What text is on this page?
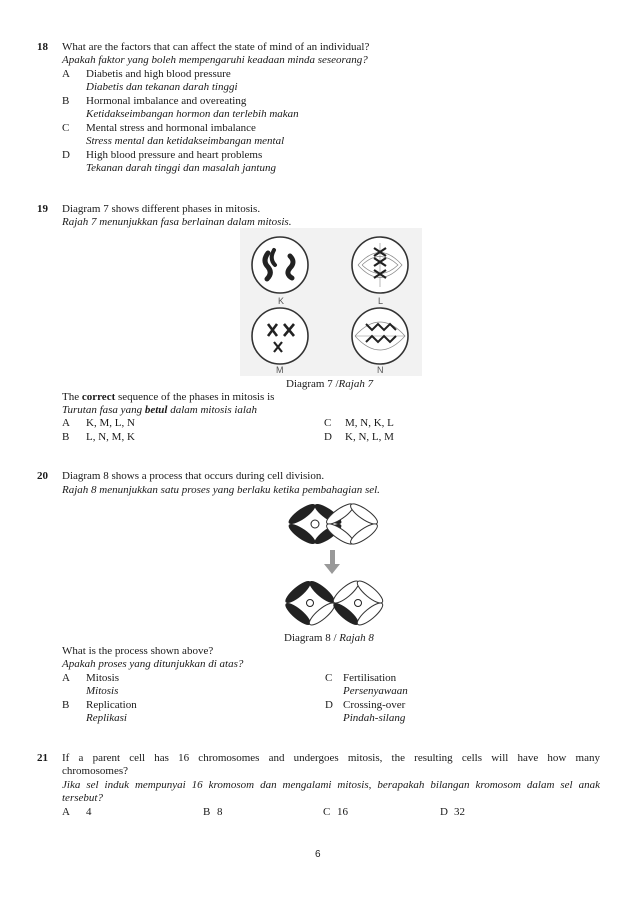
18 What are the factors that can affect the state of mind of an individual?
Apakah faktor yang boleh mempengaruhi keadaan minda seseorang?
A Diabetis and high blood pressure
Diabetis dan tekanan darah tinggi
B Hormonal imbalance and overeating
Ketidakseimbangan hormon dan terlebih makan
C Mental stress and hormonal imbalance
Stress mental dan ketidakseimbangan mental
D High blood pressure and heart problems
Tekanan darah tinggi dan masalah jantung
19 Diagram 7 shows different phases in mitosis.
Rajah 7 menunjukkan fasa berlainan dalam mitosis.
K	L
M	N
Diagram 7 /Rajah 7
The correct sequence of the phases in mitosis is
Turutan fasa yang betul dalam mitosis ialah
A K, M, L, N
B L, N, M, K
C M, N, K, L
D K, N, L, M
20 Diagram 8 shows a process that occurs during cell division.
Rajah 8 menunjukkan satu proses yang berlaku ketika pembahagian sel.
Diagram 8 / Rajah 8
What is the process shown above?
Apakah proses yang ditunjukkan di atas?
A Mitosis
Mitosis
B Replication
Replikasi
C Fertilisation
Persenyawaan
D Crossing-over
Pindah-silang
21 If a parent cell has 16 chromosomes and undergoes mitosis, the resulting cells will have how many
chromosomes?
Jika sel induk mempunyai 16 kromosom dan mengalami mitosis, berapakah bilangan kromosom dalam sel anak
tersebut?
A 4	B 8	C 16	D 32
6
